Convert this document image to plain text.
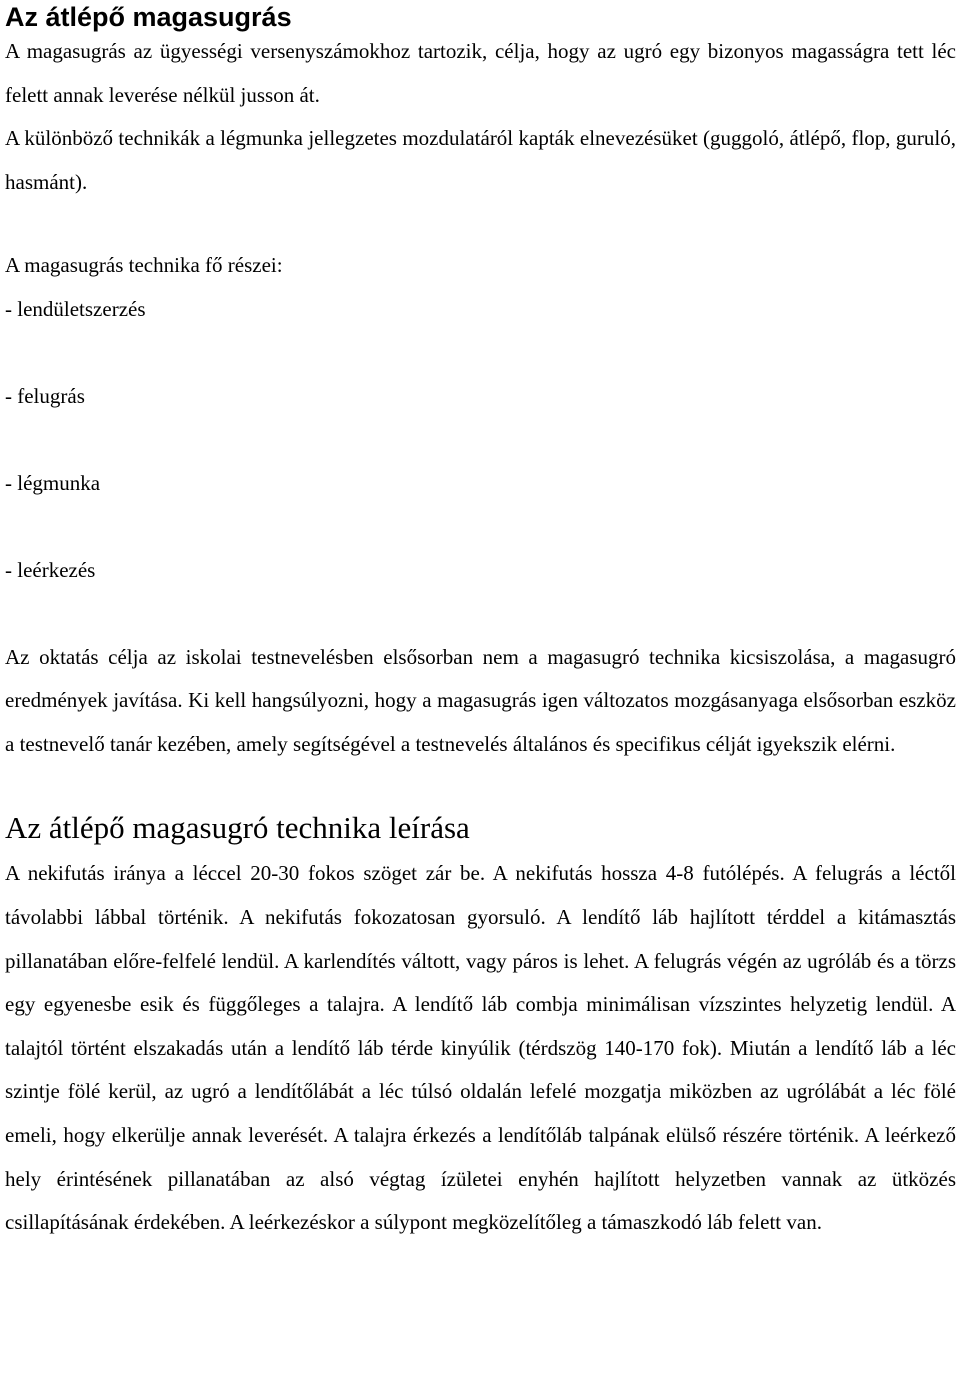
Az átlépő magasugrás

A magasugrás az ügyességi versenyszámokhoz tartozik, célja, hogy az ugró egy bizonyos magasságra tett léc felett annak leverése nélkül jusson át.

A különböző technikák a légmunka jellegzetes mozdulatáról kapták elnevezésüket (guggoló, átlépő, flop, guruló, hasmánt).

A magasugrás technika fő részei:

- lendületszerzés

- felugrás

- légmunka

- leérkezés

Az oktatás célja az iskolai testnevelésben elsősorban nem a magasugró technika kicsiszolása, a magasugró eredmények javítása. Ki kell hangsúlyozni, hogy a magasugrás igen változatos mozgásanyaga elsősorban eszköz a testnevelő tanár kezében, amely segítségével a testnevelés általános és specifikus célját igyekszik elérni.

Az átlépő magasugró technika leírása

A nekifutás iránya a léccel 20-30 fokos szöget zár be. A nekifutás hossza 4-8 futólépés. A felugrás a léctől távolabbi lábbal történik. A nekifutás fokozatosan gyorsuló. A lendítő láb hajlított térddel a kitámasztás pillanatában előre-felfelé lendül. A karlendítés váltott, vagy páros is lehet. A felugrás végén az ugróláb és a törzs egy egyenesbe esik és függőleges a talajra. A lendítő láb combja minimálisan vízszintes helyzetig lendül. A talajtól történt elszakadás után a lendítő láb térde kinyúlik (térdszög 140-170 fok). Miután a lendítő láb a léc szintje fölé kerül, az ugró a lendítőlábát a léc túlsó oldalán lefelé mozgatja miközben az ugrólábát a léc fölé emeli, hogy elkerülje annak leverését. A talajra érkezés a lendítőláb talpának elülső részére történik. A leérkező hely érintésének pillanatában az alsó végtag ízületei enyhén hajlított helyzetben vannak az ütközés csillapításának érdekében. A leérkezéskor a súlypont megközelítőleg a támaszkodó láb felett van.
